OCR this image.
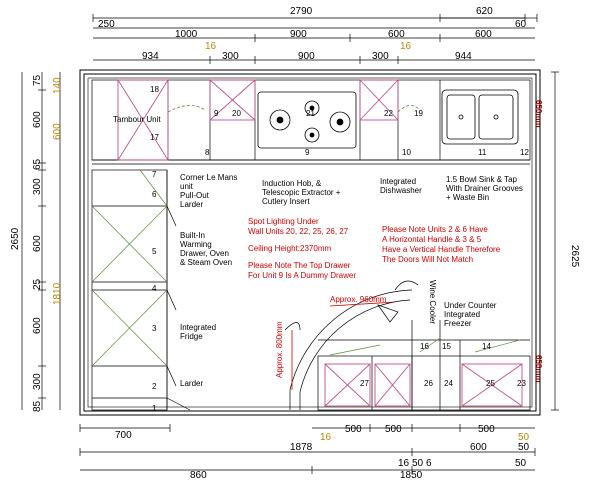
2790	620
250	60
1000	900	600	600
16	16
934	300	900	300	944
2650
75
600
65
300
600
25
600
300
85
140
600
1810
2625
650mm
650mm
18
17
9 20	21	22
8	9	10	11	12
19
7
6
5
4
3
2
1
27	26
16 15	14
25
24	23
Tambour Unit
Corner Le Mans unit
Pull-Out Larder
Built-In Warming Drawer, Oven & Steam Oven
Integrated Fridge
Larder
Induction Hob, & Telescopic Extractor + Cutlery Insert
Integrated Dishwasher
1.5 Bowl Sink & Tap With Drainer Grooves + Waste Bin
Under Counter Integrated Freezer
Wine Cooler
Spot Lighting Under
Wall Units 20, 22, 25, 26, 27
Ceiling Height:2370mm
Please Note The Top Drawer
For Unit 9 Is A Dummy Drawer
Please Note Units 2 & 6 Have
A Horizontal Handle & 3 & 5
Have a Vertical Handle Therefore
The Doors Will Not Match
Approx. 960mm
Approx. 800mm
700	16
500 500	500
50
1878	600	50
860
16 50 6	50
1850
